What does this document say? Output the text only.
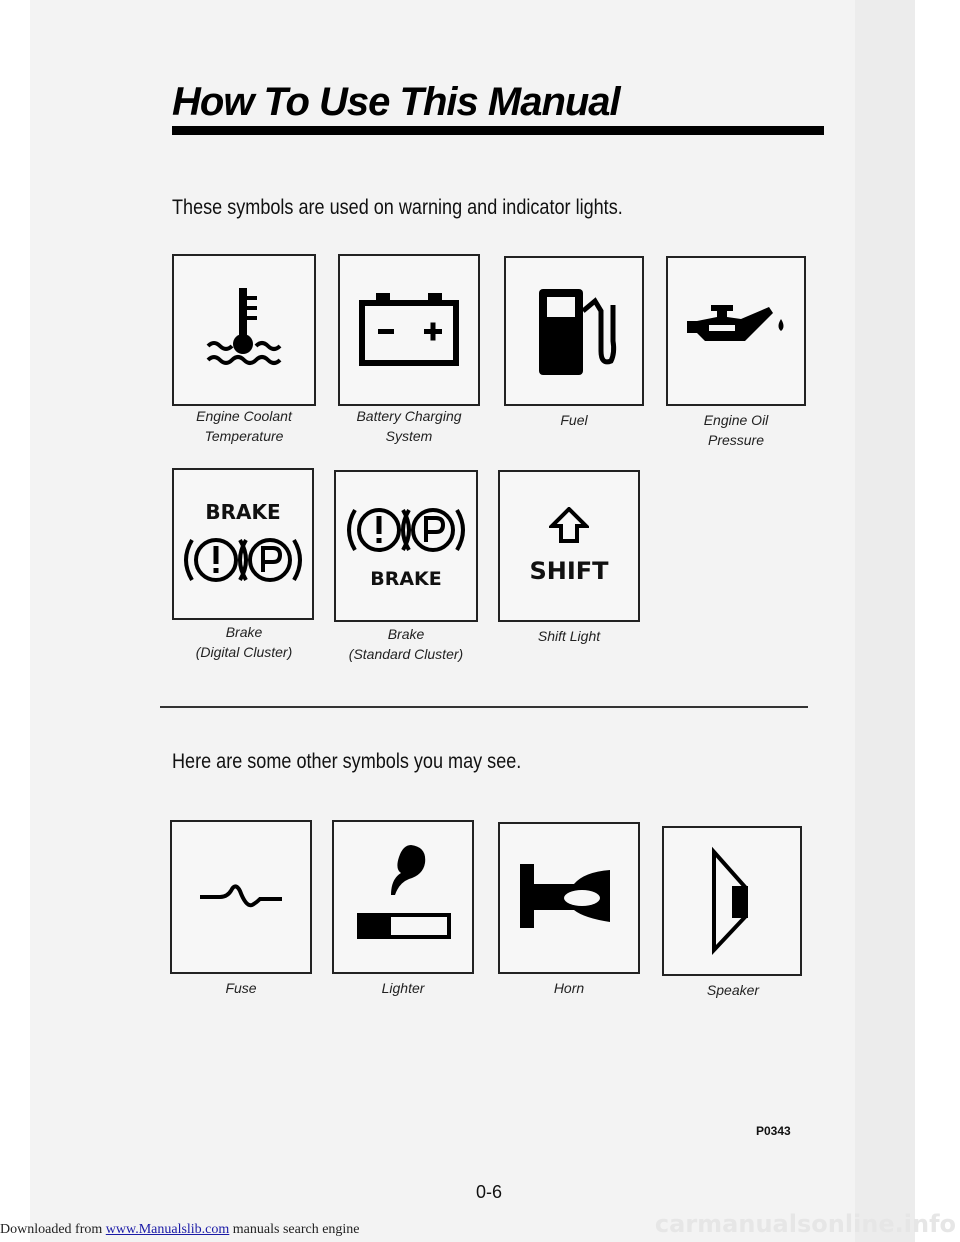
How To Use This Manual

These symbols are used on warning and indicator lights.

Engine Coolant
Temperature
Battery Charging
System
Fuel	Engine Oil
Pressure
BRAKE
Brake
(Digital Cluster)
BRAKE
Brake
(Standard Cluster)
SHIFT
Shift Light

Here are some other symbols you may see.

Fuse	Lighter	Horn	Speaker
P0343
0-6
Downloaded from www.Manualslib.com manuals search engine	carmanualsonline.info
